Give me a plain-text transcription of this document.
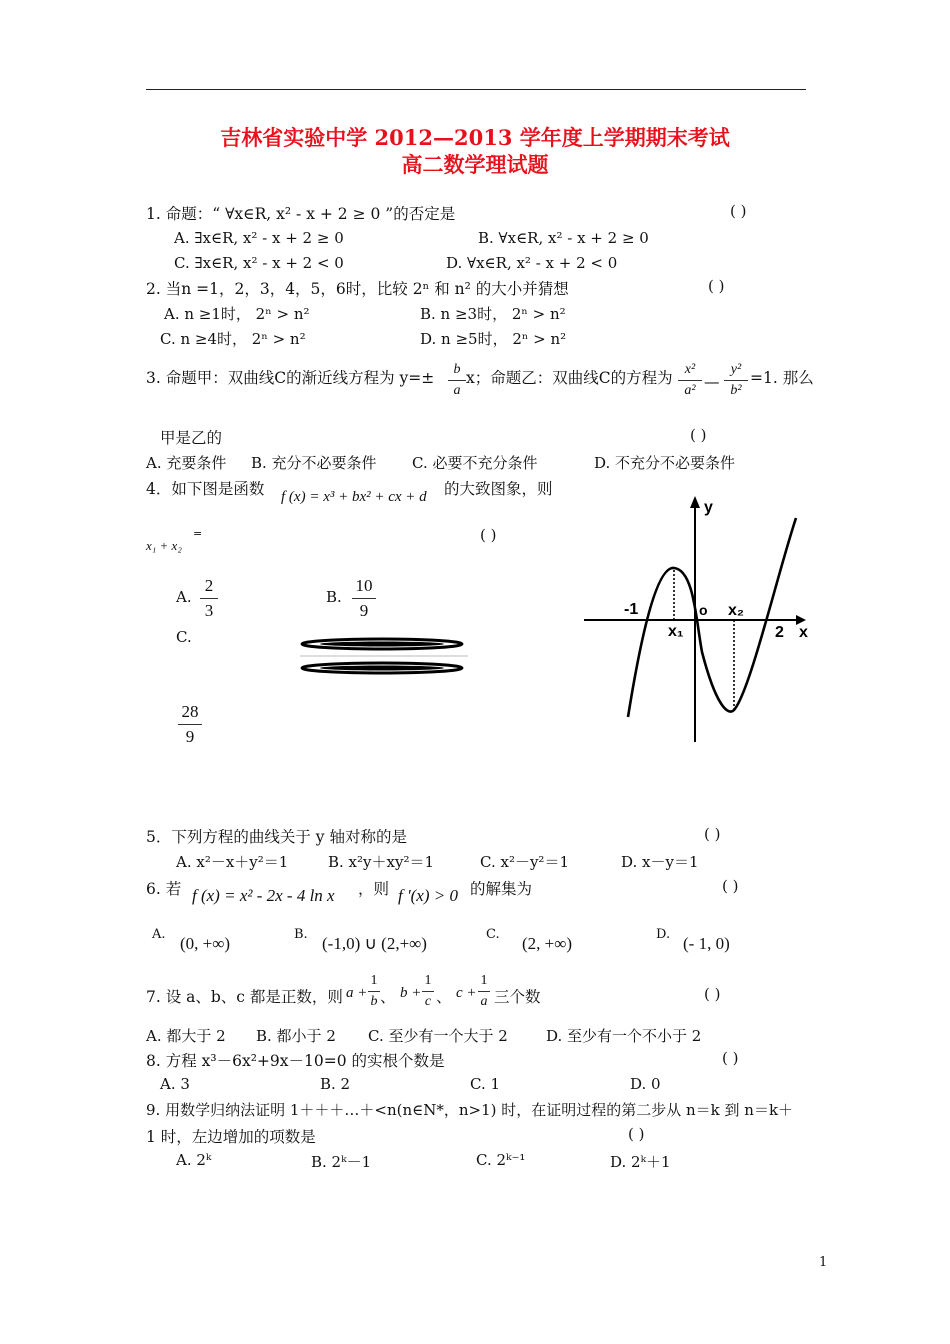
吉林省实验中学 2012—2013 学年度上学期期末考试
高二数学理试题
1. 命题：“ ∀x∈R, x² - x + 2 ≥ 0 ”的否定是	( )
A. ∃x∈R, x² - x + 2 ≥ 0	B. ∀x∈R, x² - x + 2 ≥ 0
C. ∃x∈R, x² - x + 2 < 0	D. ∀x∈R, x² - x + 2 < 0
2. 当n =1，2，3，4，5，6时，比较 2ⁿ 和 n² 的大小并猜想	( )
A. n ≥1时， 2ⁿ > n²	B. n ≥3时， 2ⁿ > n²
C. n ≥4时， 2ⁿ > n²	D. n ≥5时， 2ⁿ > n²
3. 命题甲：双曲线C的渐近线方程为 y=±	b
a
x；命题乙：双曲线C的方程为 x²
a² —
y²
b²
=1. 那么
甲是乙的	( )
A. 充要条件 B. 充分不必要条件 C. 必要不充分条件	D. 不充分不必要条件
4．如下图是函数 f (x) = x³ + bx² + cx + d 的大致图象，则
=
x₁ + x₂
( )
A.
2
3
B.
10
9
C.
28
9
y
x
o
-1
x₁
x₂
2
5．下列方程的曲线关于 y 轴对称的是	( )
A. x²－x＋y²＝1	B. x²y＋xy²＝1	C. x²－y²＝1	D. x－y＝1
6. 若 f (x) = x² - 2x - 4 ln x ，则 f '(x) > 0 的解集为	( )
A. (0, +∞)	B. (-1,0) ∪ (2,+∞)	C. (2, +∞)	D. (- 1, 0)
7. 设 a、b、c 都是正数，则 a +
1
b 、 b +
1
c 、 c +
1
a 三个数	( )
A. 都大于 2 B. 都小于 2 C. 至少有一个大于 2	D. 至少有一个不小于 2
8. 方程 x³－6x²+9x－10=0 的实根个数是	( )
A. 3	B. 2	C. 1	D. 0
9. 用数学归纳法证明 1＋＋＋…＋<n(n∈N*，n>1) 时，在证明过程的第二步从 n＝k 到 n＝k＋
1 时，左边增加的项数是	( )
A. 2ᵏ	B. 2ᵏ－1	C. 2ᵏ⁻¹	D. 2ᵏ＋1
1
